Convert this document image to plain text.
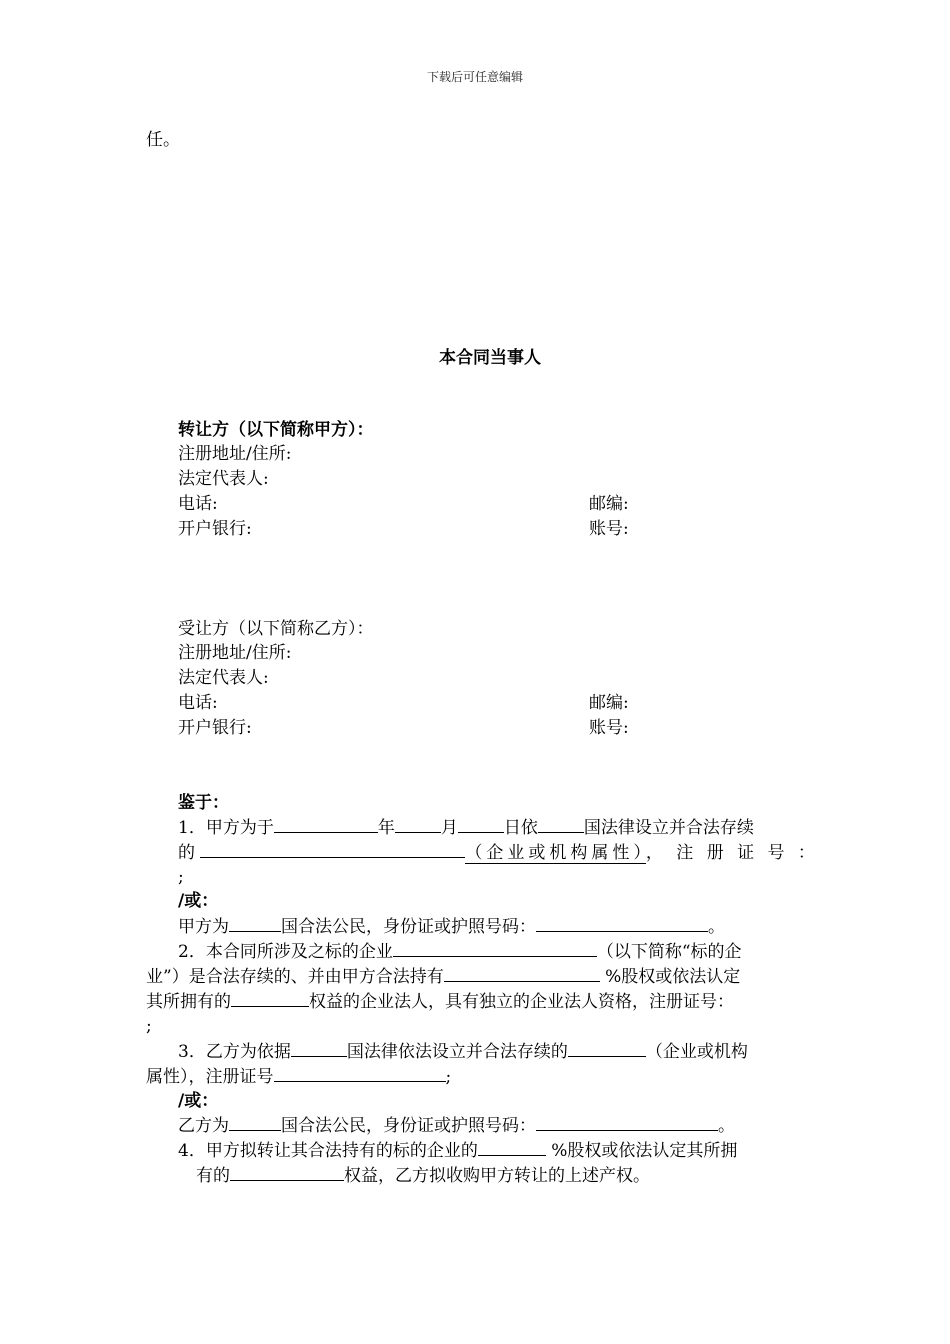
下载后可任意编辑
任。
本合同当事人
转让方（以下简称甲方）：
注册地址/住所:
法定代表人:
电话:	邮编:
开户银行:	账号:
受让方（以下简称乙方）：
注册地址/住所:
法定代表人:
电话:	邮编:
开户银行:	账号:
鉴于：
1．甲方为于	年	月	日依	国法律设立并合法存续
的	（企业或机构属性）， 注 册 证 号 ：
;
/或：
甲方为	国合法公民，身份证或护照号码：	。
2．本合同所涉及之标的企业	（以下简称“标的企
业”）是合法存续的、并由甲方合法持有	%股权或依法认定
其所拥有的	权益的企业法人，具有独立的企业法人资格，注册证号：
;
3．乙方为依据	国法律依法设立并合法存续的	（企业或机构
属性），注册证号	;
/或：
乙方为	国合法公民，身份证或护照号码：	。
4．甲方拟转让其合法持有的标的企业的	%股权或依法认定其所拥
有的	权益，乙方拟收购甲方转让的上述产权。
